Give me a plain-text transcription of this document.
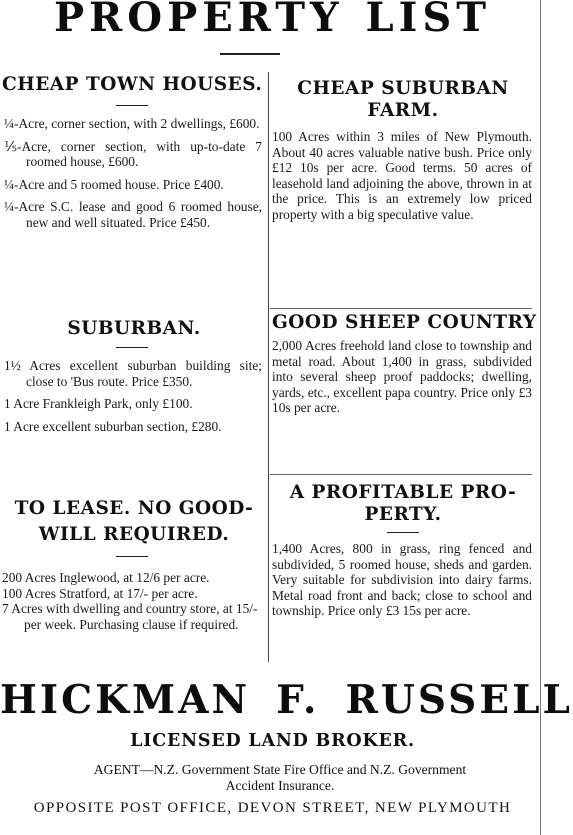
PROPERTY LIST
CHEAP TOWN HOUSES.

¼-Acre, corner section, with 2 dwellings, £600.

⅕-Acre, corner section, with up-to-date 7 roomed house, £600.

¼-Acre and 5 roomed house. Price £400.

¼-Acre S.C. lease and good 6 roomed house, new and well situated. Price £450.

SUBURBAN.

1½ Acres excellent suburban building site; close to 'Bus route. Price £350.

1 Acre Frankleigh Park, only £100.

1 Acre excellent suburban section, £280.

TO LEASE. NO GOOD-
WILL REQUIRED.

200 Acres Inglewood, at 12/6 per acre.

100 Acres Stratford, at 17/- per acre.

7 Acres with dwelling and country store, at 15/- per week. Purchasing clause if required.

CHEAP SUBURBAN
FARM.
100 Acres within 3 miles of New Plymouth. About 40 acres valuable native bush. Price only £12 10s per acre. Good terms. 50 acres of leasehold land adjoining the above, thrown in at the price. This is an extremely low priced property with a big speculative value.
GOOD SHEEP COUNTRY
2,000 Acres freehold land close to township and metal road. About 1,400 in grass, subdivided into several sheep proof paddocks; dwelling, yards, etc., excellent papa country. Price only £3 10s per acre.
A PROFITABLE PRO-
PERTY.
1,400 Acres, 800 in grass, ring fenced and subdivided, 5 roomed house, sheds and garden. Very suitable for subdivision into dairy farms. Metal road front and back; close to school and township. Price only £3 15s per acre.
HICKMAN F. RUSSELL
LICENSED LAND BROKER.
AGENT—N.Z. Government State Fire Office and N.Z. Government
Accident Insurance.
OPPOSITE POST OFFICE, DEVON STREET, NEW PLYMOUTH
